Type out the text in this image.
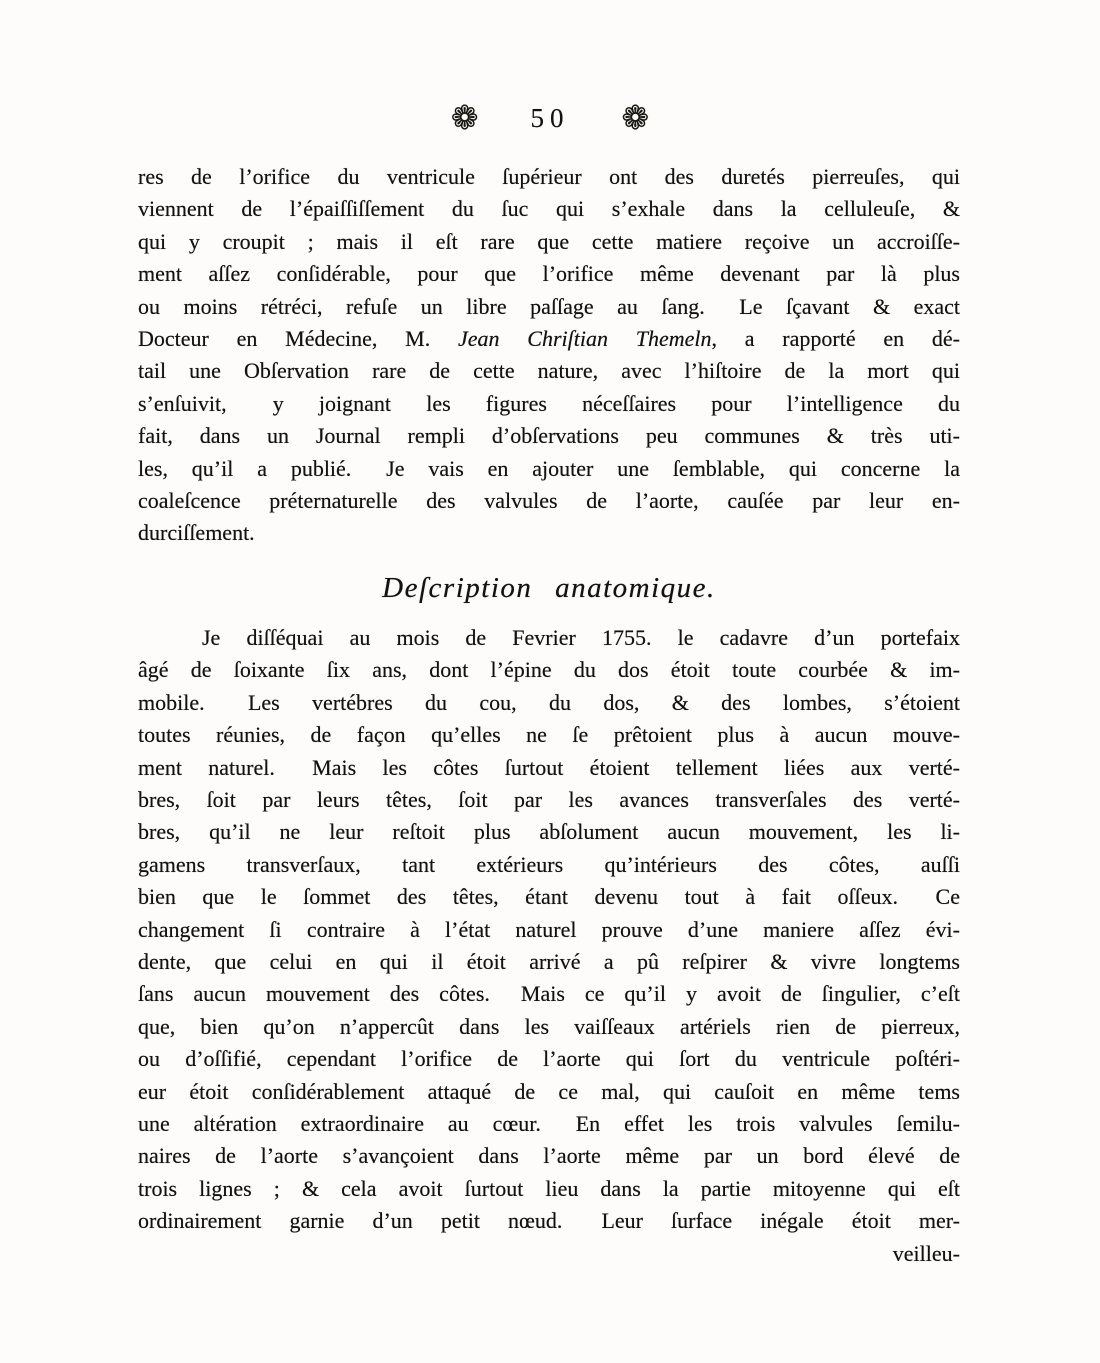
❁ 50 ❁
res de l’orifice du ventricule ſupérieur ont des duretés pierreuſes, qui
viennent de l’épaiſſiſſement du ſuc qui s’exhale dans la celluleuſe, &
qui y croupit ; mais il eſt rare que cette matiere reçoive un accroiſſe-
ment aſſez conſidérable, pour que l’orifice même devenant par là plus
ou moins rétréci, refuſe un libre paſſage au ſang.  Le ſçavant & exact
Docteur en Médecine, M. Jean Chriſtian Themeln, a rapporté en dé-
tail une Obſervation rare de cette nature, avec l’hiſtoire de la mort qui
s’enſuivit,  y joignant les figures néceſſaires pour l’intelligence du
fait, dans un Journal rempli d’obſervations peu communes & très uti-
les, qu’il a publié.  Je vais en ajouter une ſemblable, qui concerne la
coaleſcence préternaturelle des valvules de l’aorte, cauſée par leur en-
durciſſement.
Deſcription anatomique.
Je diſſéquai au mois de Fevrier 1755. le cadavre d’un portefaix
âgé de ſoixante ſix ans, dont l’épine du dos étoit toute courbée & im-
mobile.  Les vertébres du cou, du dos, & des lombes, s’étoient
toutes réunies, de façon qu’elles ne ſe prêtoient plus à aucun mouve-
ment naturel.  Mais les côtes ſurtout étoient tellement liées aux verté-
bres, ſoit par leurs têtes, ſoit par les avances transverſales des verté-
bres, qu’il ne leur reſtoit plus abſolument aucun mouvement, les li-
gamens transverſaux, tant extérieurs qu’intérieurs des côtes, auſſi
bien que le ſommet des têtes, étant devenu tout à fait oſſeux.  Ce
changement ſi contraire à l’état naturel prouve d’une maniere aſſez évi-
dente, que celui en qui il étoit arrivé a pû reſpirer & vivre longtems
ſans aucun mouvement des côtes.  Mais ce qu’il y avoit de ſingulier, c’eſt
que, bien qu’on n’appercût dans les vaiſſeaux artériels rien de pierreux,
ou d’oſſifié, cependant l’orifice de l’aorte qui ſort du ventricule poſtéri-
eur étoit conſidérablement attaqué de ce mal, qui cauſoit en même tems
une altération extraordinaire au cœur.  En effet les trois valvules ſemilu-
naires de l’aorte s’avançoient dans l’aorte même par un bord élevé de
trois lignes ; & cela avoit ſurtout lieu dans la partie mitoyenne qui eſt
ordinairement garnie d’un petit nœud.  Leur ſurface inégale étoit mer-
veilleu-
